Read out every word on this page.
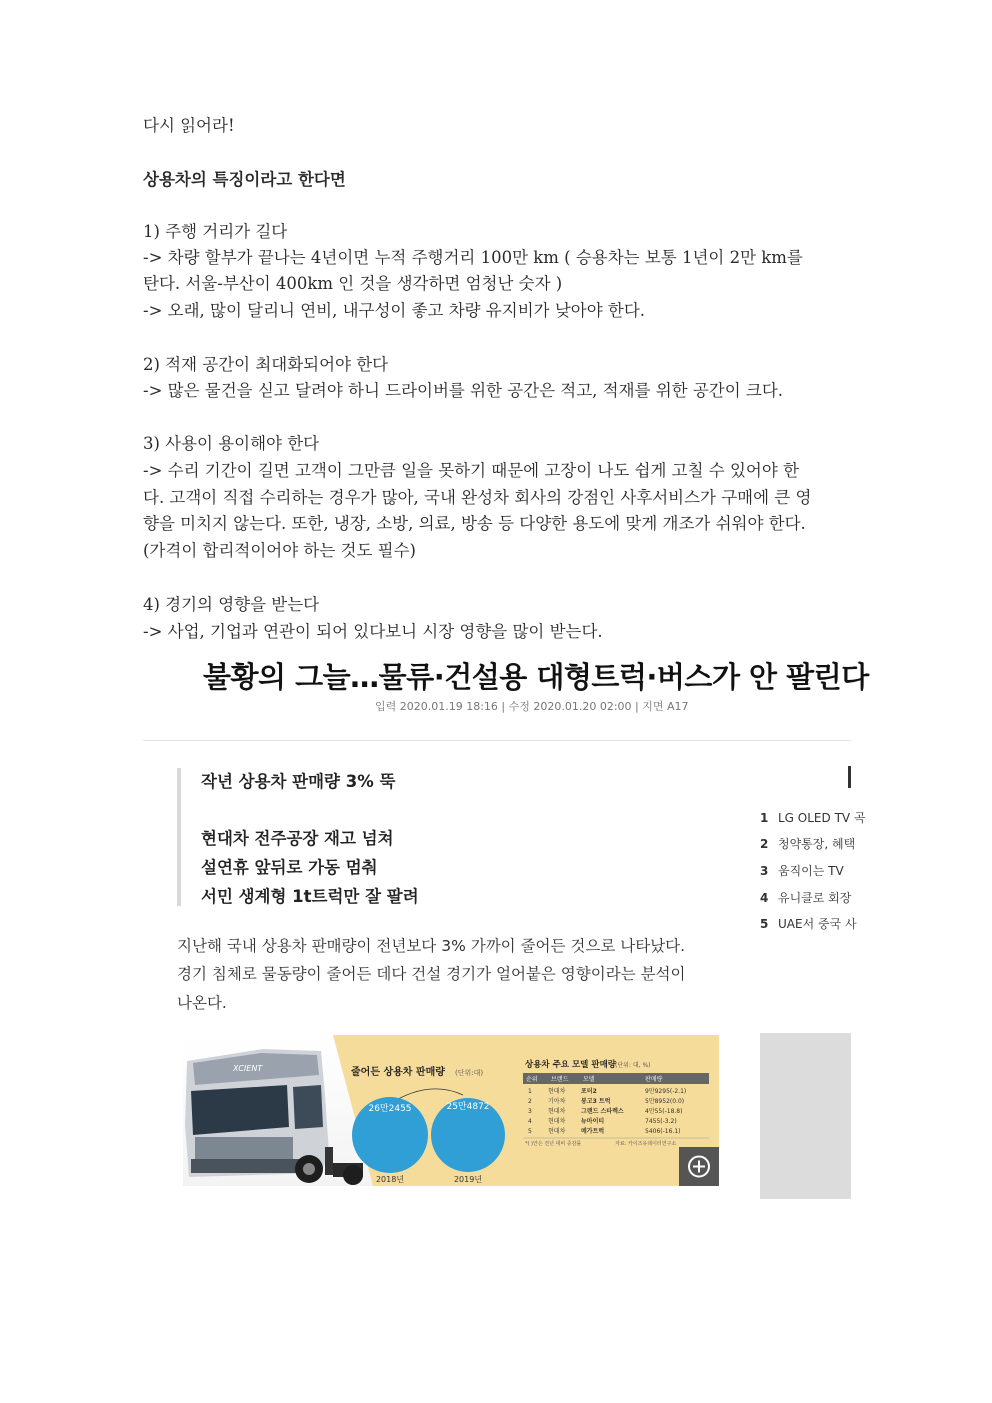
다시 읽어라!
상용차의 특징이라고 한다면
1) 주행 거리가 길다
-> 차량 할부가 끝나는 4년이면 누적 주행거리 100만 km ( 승용차는 보통 1년이 2만 km를
탄다. 서울-부산이 400km 인 것을 생각하면 엄청난 숫자 )
-> 오래, 많이 달리니 연비, 내구성이 좋고 차량 유지비가 낮아야 한다.
2) 적재 공간이 최대화되어야 한다
-> 많은 물건을 싣고 달려야 하니 드라이버를 위한 공간은 적고, 적재를 위한 공간이 크다.
3) 사용이 용이해야 한다
-> 수리 기간이 길면 고객이 그만큼 일을 못하기 때문에 고장이 나도 쉽게 고칠 수 있어야 한
다. 고객이 직접 수리하는 경우가 많아, 국내 완성차 회사의 강점인 사후서비스가 구매에 큰 영
향을 미치지 않는다. 또한, 냉장, 소방, 의료, 방송 등 다양한 용도에 맞게 개조가 쉬워야 한다.
(가격이 합리적이어야 하는 것도 필수)
4) 경기의 영향을 받는다
-> 사업, 기업과 연관이 되어 있다보니 시장 영향을 많이 받는다.
불황의 그늘…물류·건설용 대형트럭·버스가 안 팔린다
입력 2020.01.19 18:16 | 수정 2020.01.20 02:00 | 지면 A17
작년 상용차 판매량 3% 뚝
현대차 전주공장 재고 넘쳐
설연휴 앞뒤로 가동 멈춰
서민 생계형 1t트럭만 잘 팔려
1 LG OLED TV 곡
2 청약통장, 혜택
3 움직이는 TV
4 유니클로 회장
5 UAE서 중국 사
지난해 국내 상용차 판매량이 전년보다 3% 가까이 줄어든 것으로 나타났다.
경기 침체로 물동량이 줄어든 데다 건설 경기가 얼어붙은 영향이라는 분석이
나온다.
XCIENT	줄어든 상용차 판매량 (단위:대)
26만2455	25만4872
2018년	2019년
상용차 주요 모델 판매량 (단위: 대, %)
순위 브랜드 모델	판매량
1	현대차	포터2	9만9295(-2.1)
2	기아차	봉고3 트럭	5만8952(0.0)
3	현대차	그랜드 스타렉스	4만55(-18.8)
4	현대차	뉴마이티	7455(-3.2)
5	현대차	메가트럭	5406(-16.1)
*( )안은 전년 대비 증감률	자료: 카이즈유데이터연구소
